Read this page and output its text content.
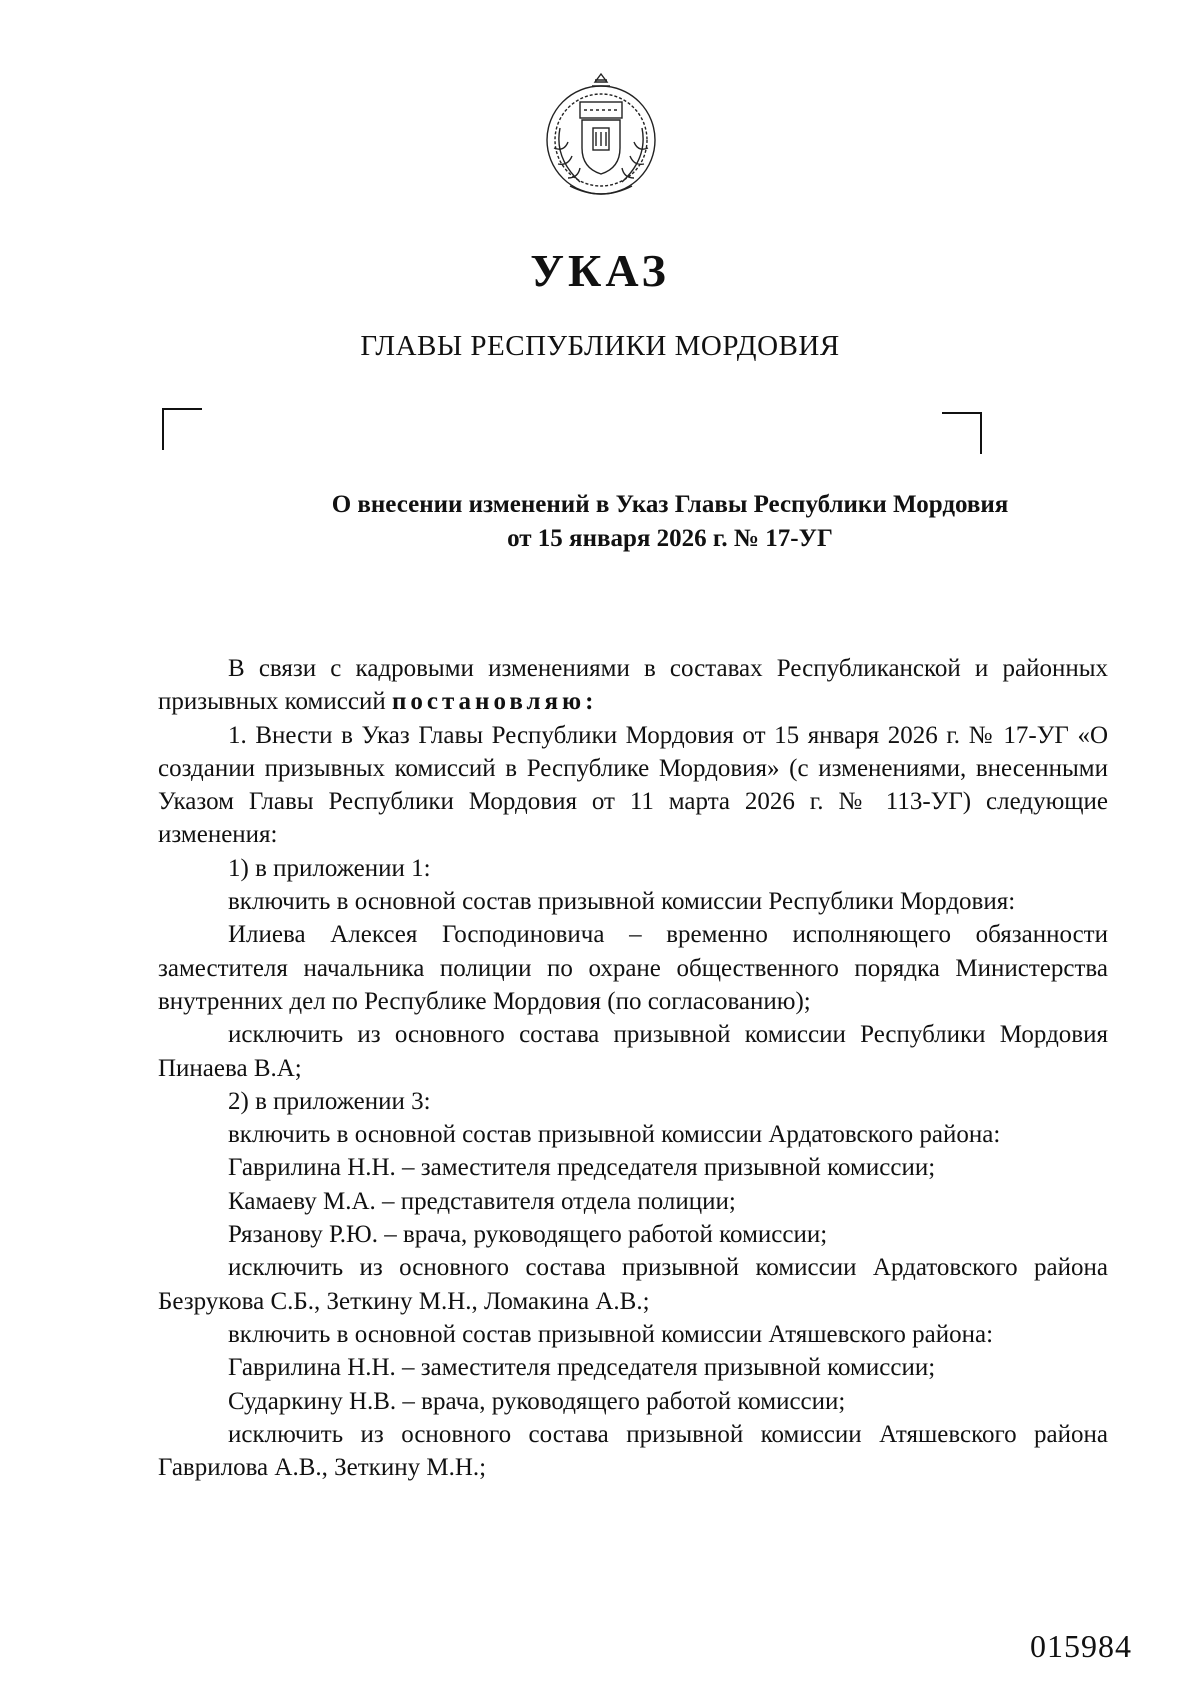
УКАЗ
ГЛАВЫ РЕСПУБЛИКИ МОРДОВИЯ
О внесении изменений в Указ Главы Республики Мордовия
от 15 января 2026 г. № 17-УГ

В связи с кадровыми изменениями в составах Республиканской и районных призывных комиссий постановляю:

1. Внести в Указ Главы Республики Мордовия от 15 января 2026 г. № 17-УГ «О создании призывных комиссий в Республике Мордовия» (с изменениями, внесенными Указом Главы Республики Мордовия от 11 марта 2026 г. № 113-УГ) следующие изменения:

1) в приложении 1:

включить в основной состав призывной комиссии Республики Мордовия:

Илиева Алексея Господиновича – временно исполняющего обязанности заместителя начальника полиции по охране общественного порядка Министерства внутренних дел по Республике Мордовия (по согласованию);

исключить из основного состава призывной комиссии Республики Мордовия Пинаева В.А;

2) в приложении 3:

включить в основной состав призывной комиссии Ардатовского района:

Гаврилина Н.Н. – заместителя председателя призывной комиссии;

Камаеву М.А. – представителя отдела полиции;

Рязанову Р.Ю. – врача, руководящего работой комиссии;

исключить из основного состава призывной комиссии Ардатовского района Безрукова С.Б., Зеткину М.Н., Ломакина А.В.;

включить в основной состав призывной комиссии Атяшевского района:

Гаврилина Н.Н. – заместителя председателя призывной комиссии;

Сударкину Н.В. – врача, руководящего работой комиссии;

исключить из основного состава призывной комиссии Атяшевского района Гаврилова А.В., Зеткину М.Н.;

015984
